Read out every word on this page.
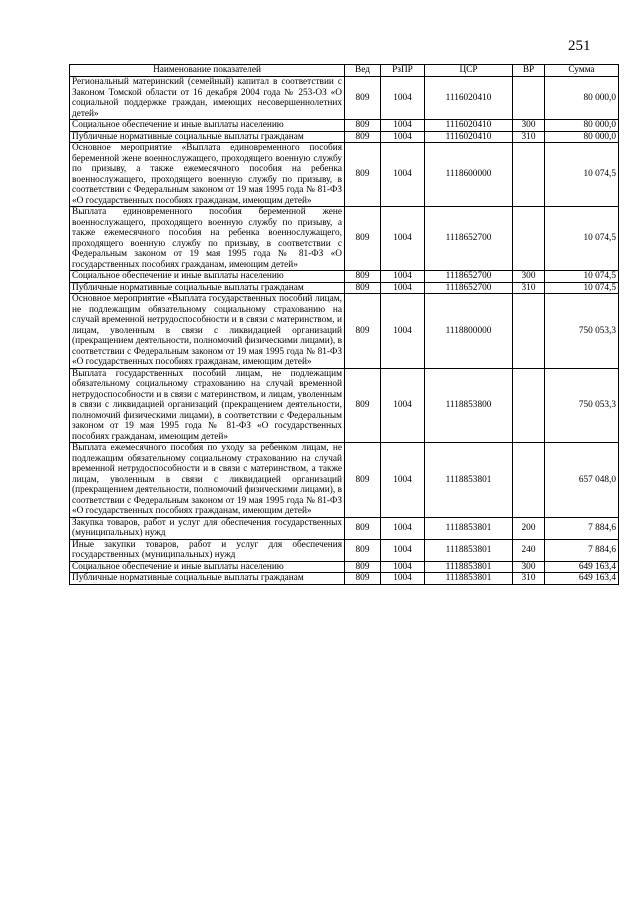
251
Наименование показателей	Вед	РзПР	ЦСР	ВР	Сумма
Региональный материнский (семейный) капитал в соответствии с Законом Томской области от 16 декабря 2004 года № 253-ОЗ «О социальной поддержке граждан, имеющих несовершеннолетних детей»	809	1004	1116020410		80 000,0
Социальное обеспечение и иные выплаты населению	809	1004	1116020410	300	80 000,0
Публичные нормативные социальные выплаты гражданам	809	1004	1116020410	310	80 000,0
Основное мероприятие «Выплата единовременного пособия беременной жене военнослужащего, проходящего военную службу по призыву, а также ежемесячного пособия на ребенка военнослужащего, проходящего военную службу по призыву, в соответствии с Федеральным законом от 19 мая 1995 года № 81-ФЗ «О государственных пособиях гражданам, имеющим детей»	809	1004	1118600000		10 074,5
Выплата единовременного пособия беременной жене военнослужащего, проходящего военную службу по призыву, а также ежемесячного пособия на ребенка военнослужащего, проходящего военную службу по призыву, в соответствии с Федеральным законом от 19 мая 1995 года № 81-ФЗ «О государственных пособиях гражданам, имеющим детей»	809	1004	1118652700		10 074,5
Социальное обеспечение и иные выплаты населению	809	1004	1118652700	300	10 074,5
Публичные нормативные социальные выплаты гражданам	809	1004	1118652700	310	10 074,5
Основное мероприятие «Выплата государственных пособий лицам, не подлежащим обязательному социальному страхованию на случай временной нетрудоспособности и в связи с материнством, и лицам, уволенным в связи с ликвидацией организаций (прекращением деятельности, полномочий физическими лицами), в соответствии с Федеральным законом от 19 мая 1995 года № 81-ФЗ «О государственных пособиях гражданам, имеющим детей»	809	1004	1118800000		750 053,3
Выплата государственных пособий лицам, не подлежащим обязательному социальному страхованию на случай временной нетрудоспособности и в связи с материнством, и лицам, уволенным в связи с ликвидацией организаций (прекращением деятельности, полномочий физическими лицами), в соответствии с Федеральным законом от 19 мая 1995 года № 81-ФЗ «О государственных пособиях гражданам, имеющим детей»	809	1004	1118853800		750 053,3
Выплата ежемесячного пособия по уходу за ребенком лицам, не подлежащим обязательному социальному страхованию на случай временной нетрудоспособности и в связи с материнством, а также лицам, уволенным в связи с ликвидацией организаций (прекращением деятельности, полномочий физическими лицами), в соответствии с Федеральным законом от 19 мая 1995 года № 81-ФЗ «О государственных пособиях гражданам, имеющим детей»	809	1004	1118853801		657 048,0
Закупка товаров, работ и услуг для обеспечения государственных (муниципальных) нужд	809	1004	1118853801	200	7 884,6
Иные закупки товаров, работ и услуг для обеспечения государственных (муниципальных) нужд	809	1004	1118853801	240	7 884,6
Социальное обеспечение и иные выплаты населению	809	1004	1118853801	300	649 163,4
Публичные нормативные социальные выплаты гражданам	809	1004	1118853801	310	649 163,4
